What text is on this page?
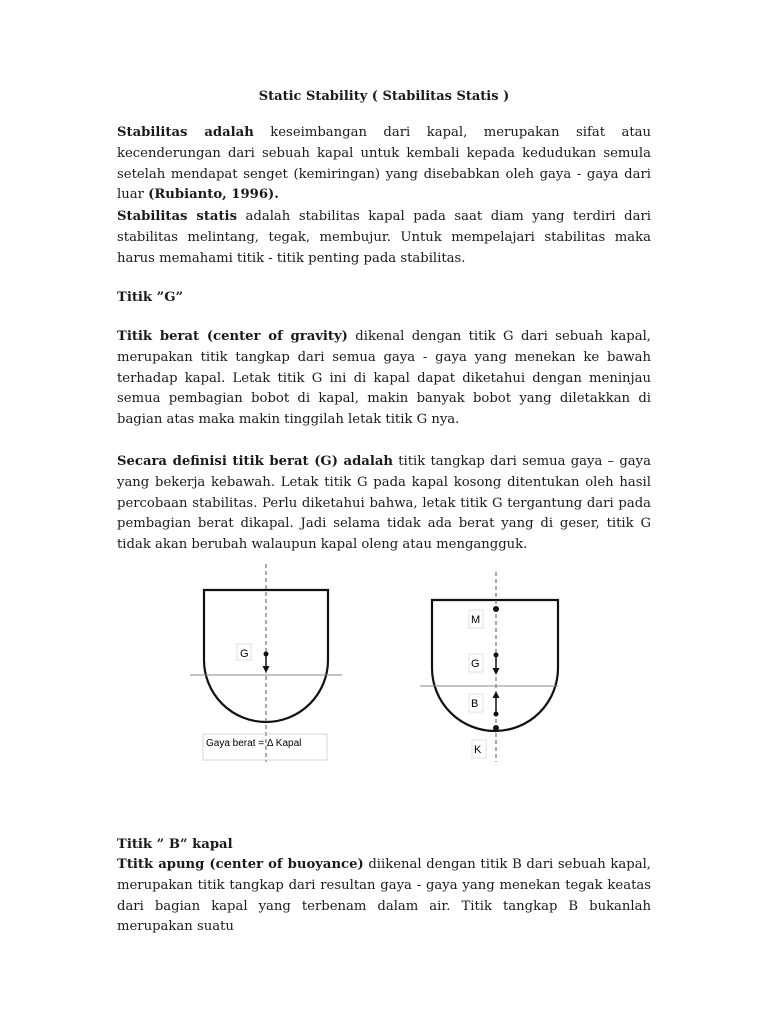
Static Stability ( Stabilitas Statis )

Stabilitas adalah keseimbangan dari kapal, merupakan sifat atau kecenderungan dari sebuah kapal untuk kembali kepada kedudukan semula setelah mendapat senget (kemiringan) yang disebabkan oleh gaya - gaya dari luar (Rubianto, 1996).

Stabilitas statis adalah stabilitas kapal pada saat diam yang terdiri dari stabilitas melintang, tegak, membujur. Untuk mempelajari stabilitas maka harus memahami titik - titik penting pada stabilitas.

Titik ”G”

Titik berat (center of gravity) dikenal dengan titik G dari sebuah kapal, merupakan titik tangkap dari semua gaya - gaya yang menekan ke bawah terhadap kapal. Letak titik G ini di kapal dapat diketahui dengan meninjau semua pembagian bobot di kapal, makin banyak bobot yang diletakkan di bagian atas maka makin tinggilah letak titik G nya.

Secara definisi titik berat (G) adalah titik tangkap dari semua gaya – gaya yang bekerja kebawah. Letak titik G pada kapal kosong ditentukan oleh hasil percobaan stabilitas. Perlu diketahui bahwa, letak titik G tergantung dari pada pembagian berat dikapal. Jadi selama tidak ada berat yang di geser, titik G tidak akan berubah walaupun kapal oleng atau mengangguk.

G
Gaya berat = Δ Kapal
M
G
B
K

Titik ” B” kapal

Ttitk apung (center of buoyance) diikenal dengan titik B dari sebuah kapal, merupakan titik tangkap dari resultan gaya - gaya yang menekan tegak keatas dari bagian kapal yang terbenam dalam air. Titik tangkap B bukanlah merupakan suatu
